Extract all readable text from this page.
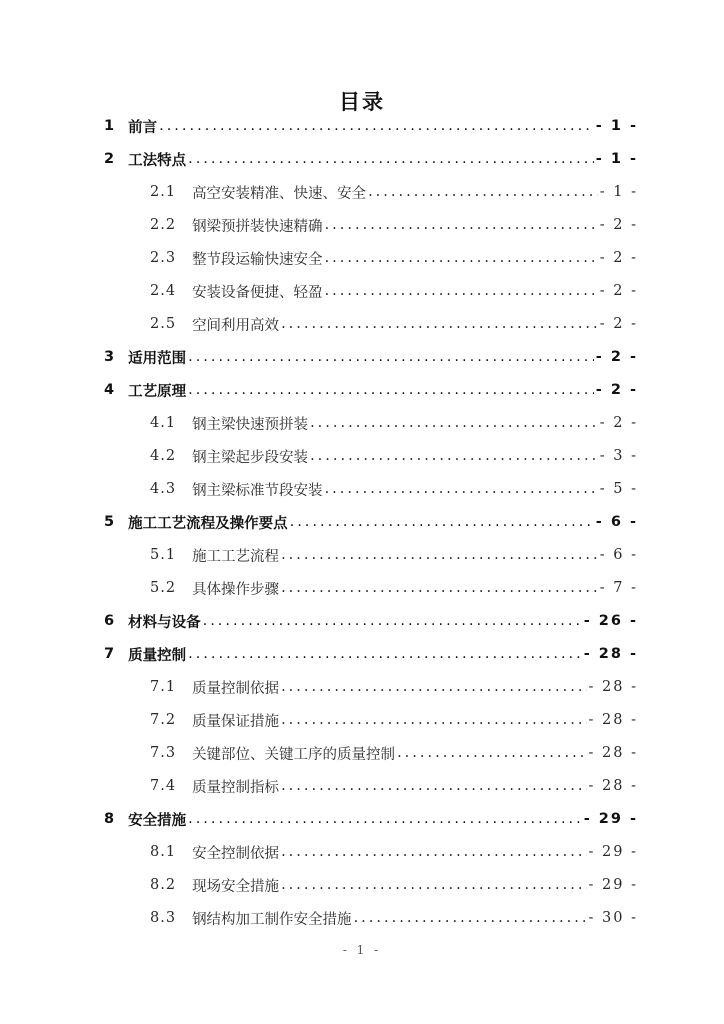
目录
1 前言 .....	- 1 -
2 工法特点 .....	- 1 -
2.1 高空安装精准、快速、安全 .....	- 1 -
2.2 钢梁预拼装快速精确 .....	- 2 -
2.3 整节段运输快速安全 .....	- 2 -
2.4 安装设备便捷、轻盈 .....	- 2 -
2.5 空间利用高效 .....	- 2 -
3 适用范围 .....	- 2 -
4 工艺原理 .....	- 2 -
4.1 钢主梁快速预拼装 .....	- 2 -
4.2 钢主梁起步段安装 .....	- 3 -
4.3 钢主梁标准节段安装 .....	- 5 -
5 施工工艺流程及操作要点 .....	- 6 -
5.1 施工工艺流程 .....	- 6 -
5.2 具体操作步骤 .....	- 7 -
6 材料与设备 .....	- 26 -
7 质量控制 .....	- 28 -
7.1 质量控制依据 .....	- 28 -
7.2 质量保证措施 .....	- 28 -
7.3 关键部位、关键工序的质量控制 .....	- 28 -
7.4 质量控制指标 .....	- 28 -
8 安全措施 .....	- 29 -
8.1 安全控制依据 .....	- 29 -
8.2 现场安全措施 .....	- 29 -
8.3 钢结构加工制作安全措施 .....	- 30 -
- 1 -
